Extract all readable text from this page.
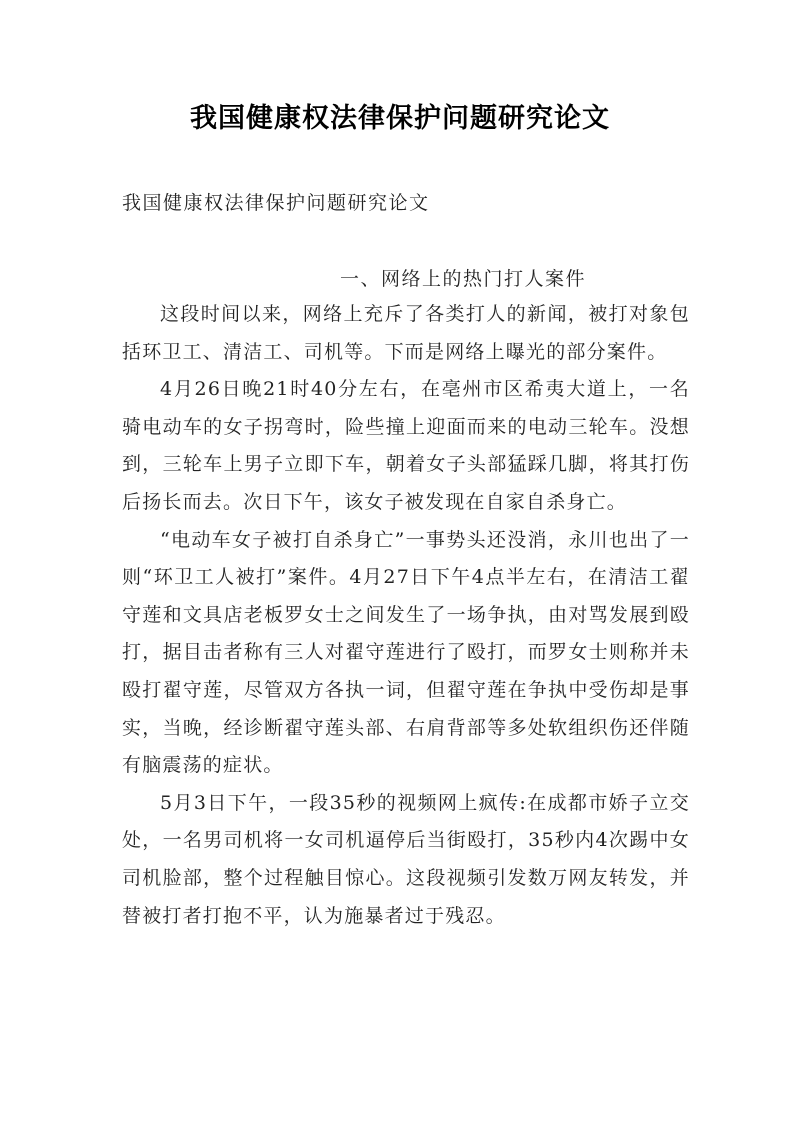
我国健康权法律保护问题研究论文
我国健康权法律保护问题研究论文
一、网络上的热门打人案件

这段时间以来，网络上充斥了各类打人的新闻，被打对象包括环卫工、清洁工、司机等。下而是网络上曝光的部分案件。

4月26日晚21时40分左右，在亳州市区希夷大道上，一名骑电动车的女子拐弯时，险些撞上迎面而来的电动三轮车。没想到，三轮车上男子立即下车，朝着女子头部猛踩几脚，将其打伤后扬长而去。次日下午，该女子被发现在自家自杀身亡。

“电动车女子被打自杀身亡”一事势头还没消，永川也出了一则“环卫工人被打”案件。4月27日下午4点半左右，在清洁工翟守莲和文具店老板罗女士之间发生了一场争执，由对骂发展到殴打，据目击者称有三人对翟守莲进行了殴打，而罗女士则称并未殴打翟守莲，尽管双方各执一词，但翟守莲在争执中受伤却是事实，当晚，经诊断翟守莲头部、右肩背部等多处软组织伤还伴随有脑震荡的症状。

5月3日下午，一段35秒的视频网上疯传:在成都市娇子立交处，一名男司机将一女司机逼停后当街殴打，35秒内4次踢中女司机脸部，整个过程触目惊心。这段视频引发数万网友转发，并替被打者打抱不平，认为施暴者过于残忍。
